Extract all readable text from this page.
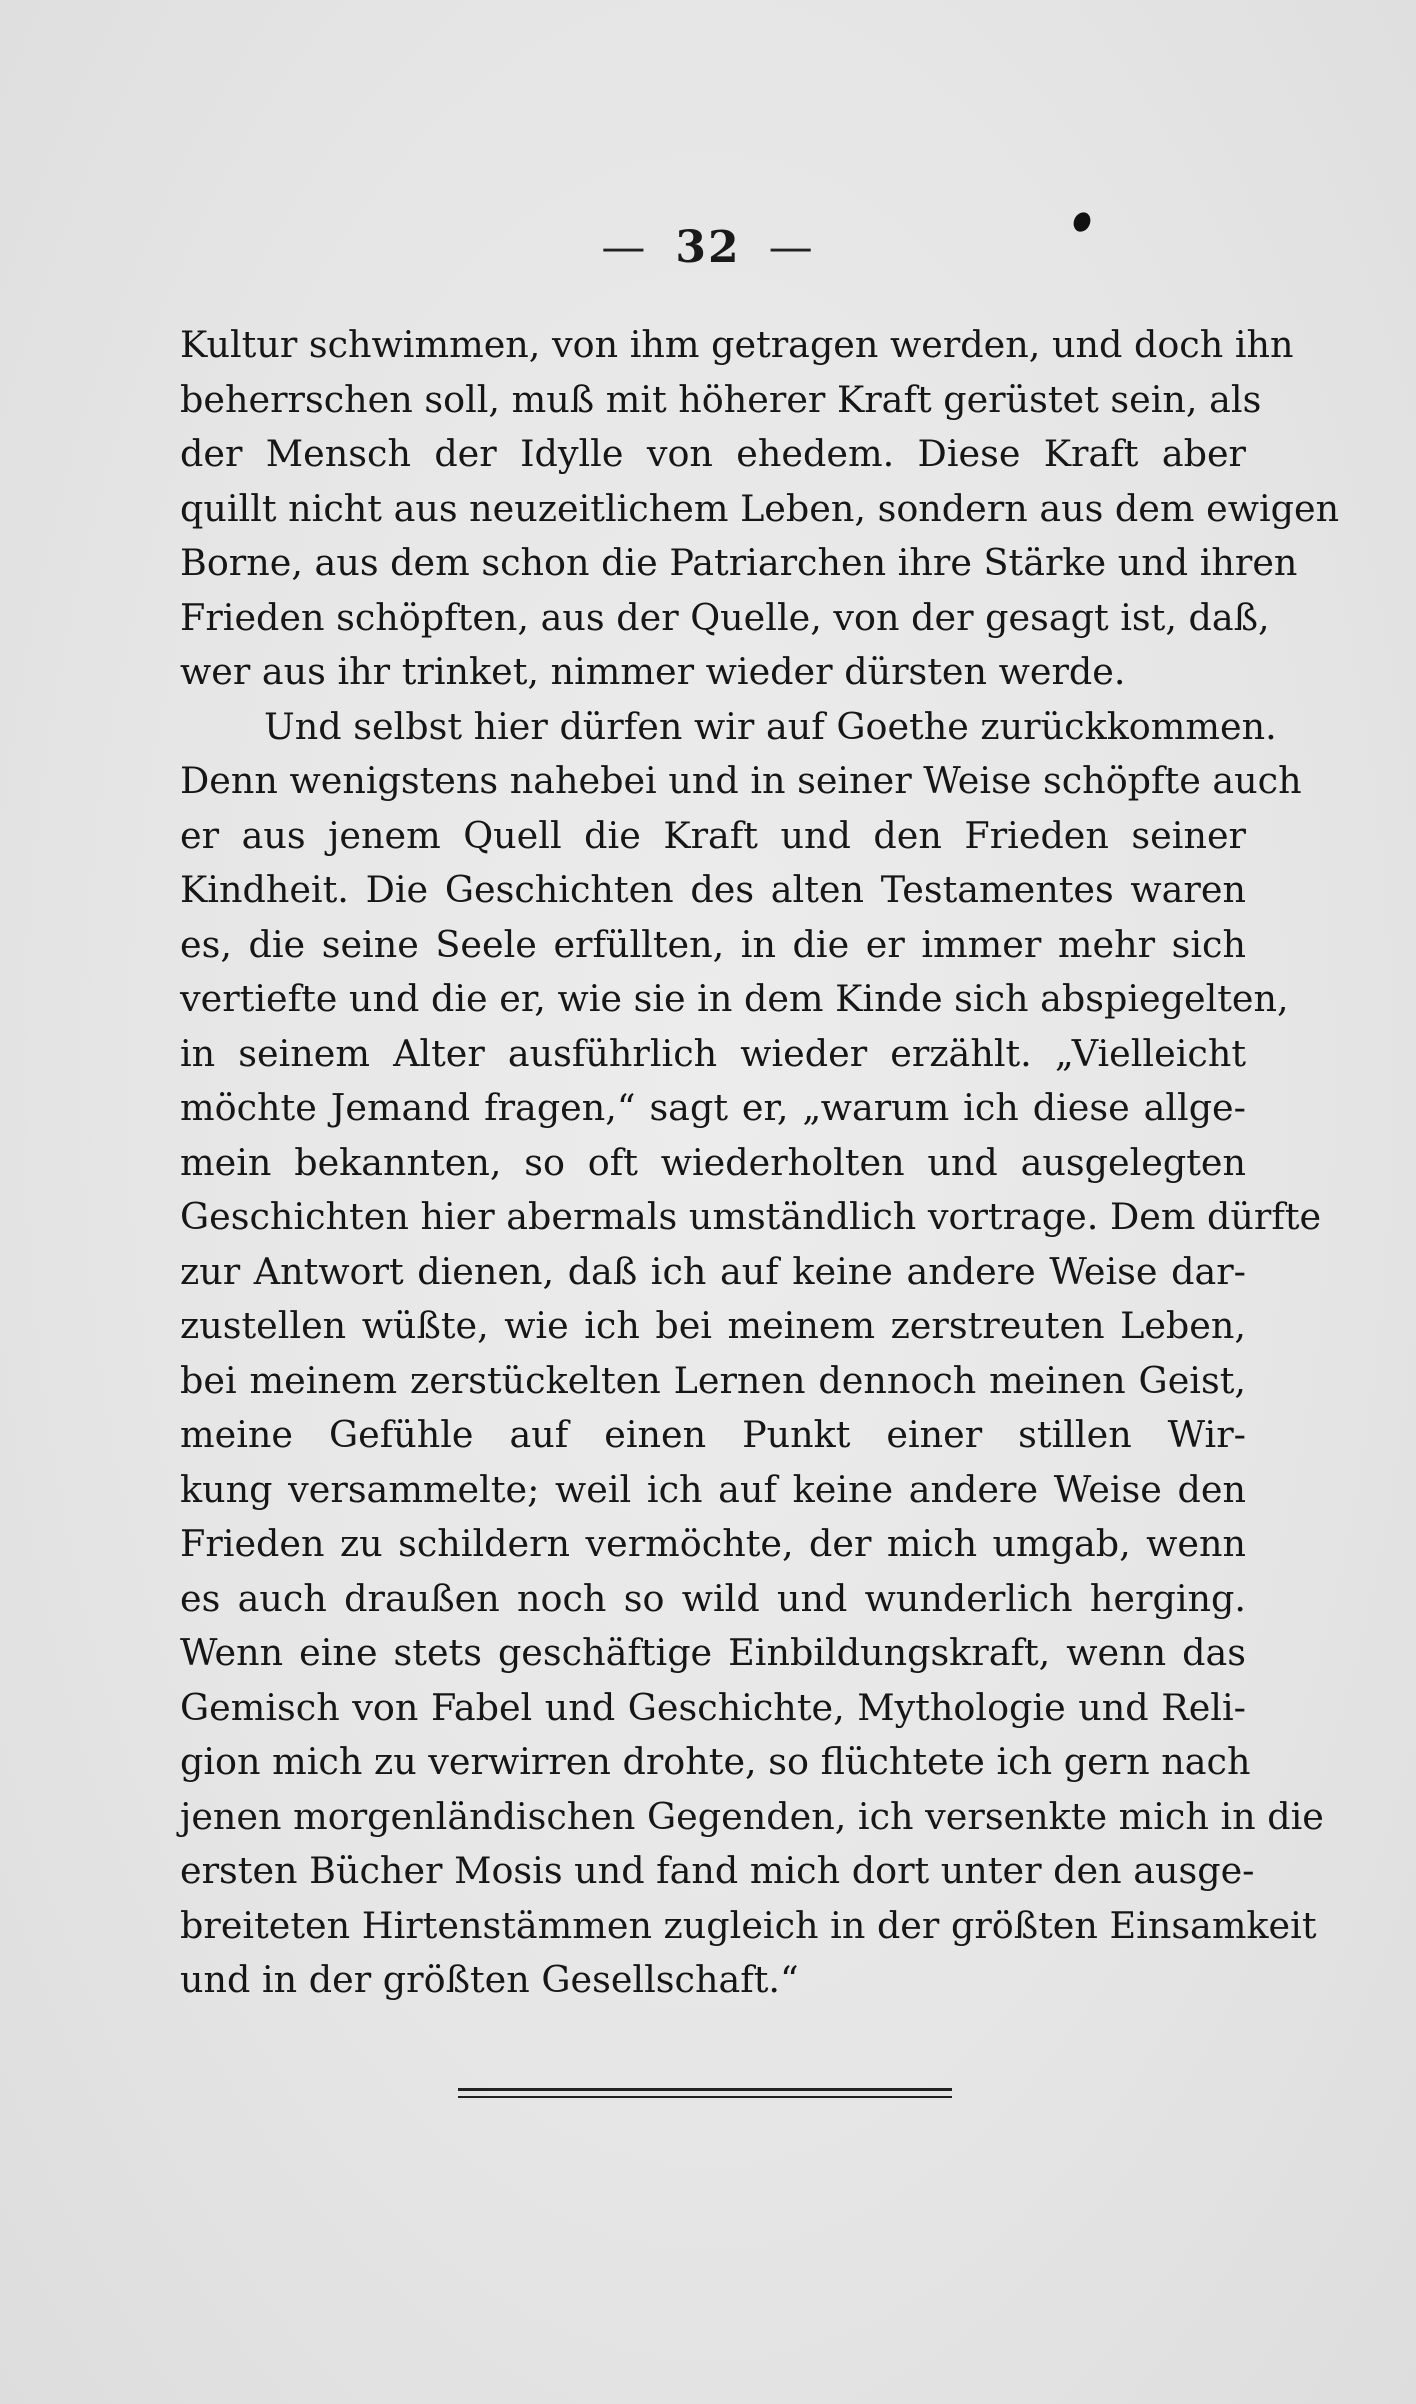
— 32 —
Kultur schwimmen, von ihm getragen werden, und doch ihn
beherrschen soll, muß mit höherer Kraft gerüstet sein, als
der Mensch der Idylle von ehedem. Diese Kraft aber
quillt nicht aus neuzeitlichem Leben, sondern aus dem ewigen
Borne, aus dem schon die Patriarchen ihre Stärke und ihren
Frieden schöpften, aus der Quelle, von der gesagt ist, daß,
wer aus ihr trinket, nimmer wieder dürsten werde.
Und selbst hier dürfen wir auf Goethe zurückkommen.
Denn wenigstens nahebei und in seiner Weise schöpfte auch
er aus jenem Quell die Kraft und den Frieden seiner
Kindheit. Die Geschichten des alten Testamentes waren
es, die seine Seele erfüllten, in die er immer mehr sich
vertiefte und die er, wie sie in dem Kinde sich abspiegelten,
in seinem Alter ausführlich wieder erzählt. „Vielleicht
möchte Jemand fragen,“ sagt er, „warum ich diese allge-
mein bekannten, so oft wiederholten und ausgelegten
Geschichten hier abermals umständlich vortrage. Dem dürfte
zur Antwort dienen, daß ich auf keine andere Weise dar-
zustellen wüßte, wie ich bei meinem zerstreuten Leben,
bei meinem zerstückelten Lernen dennoch meinen Geist,
meine Gefühle auf einen Punkt einer stillen Wir-
kung versammelte; weil ich auf keine andere Weise den
Frieden zu schildern vermöchte, der mich umgab, wenn
es auch draußen noch so wild und wunderlich herging.
Wenn eine stets geschäftige Einbildungskraft, wenn das
Gemisch von Fabel und Geschichte, Mythologie und Reli-
gion mich zu verwirren drohte, so flüchtete ich gern nach
jenen morgenländischen Gegenden, ich versenkte mich in die
ersten Bücher Mosis und fand mich dort unter den ausge-
breiteten Hirtenstämmen zugleich in der größten Einsamkeit
und in der größten Gesellschaft.“
